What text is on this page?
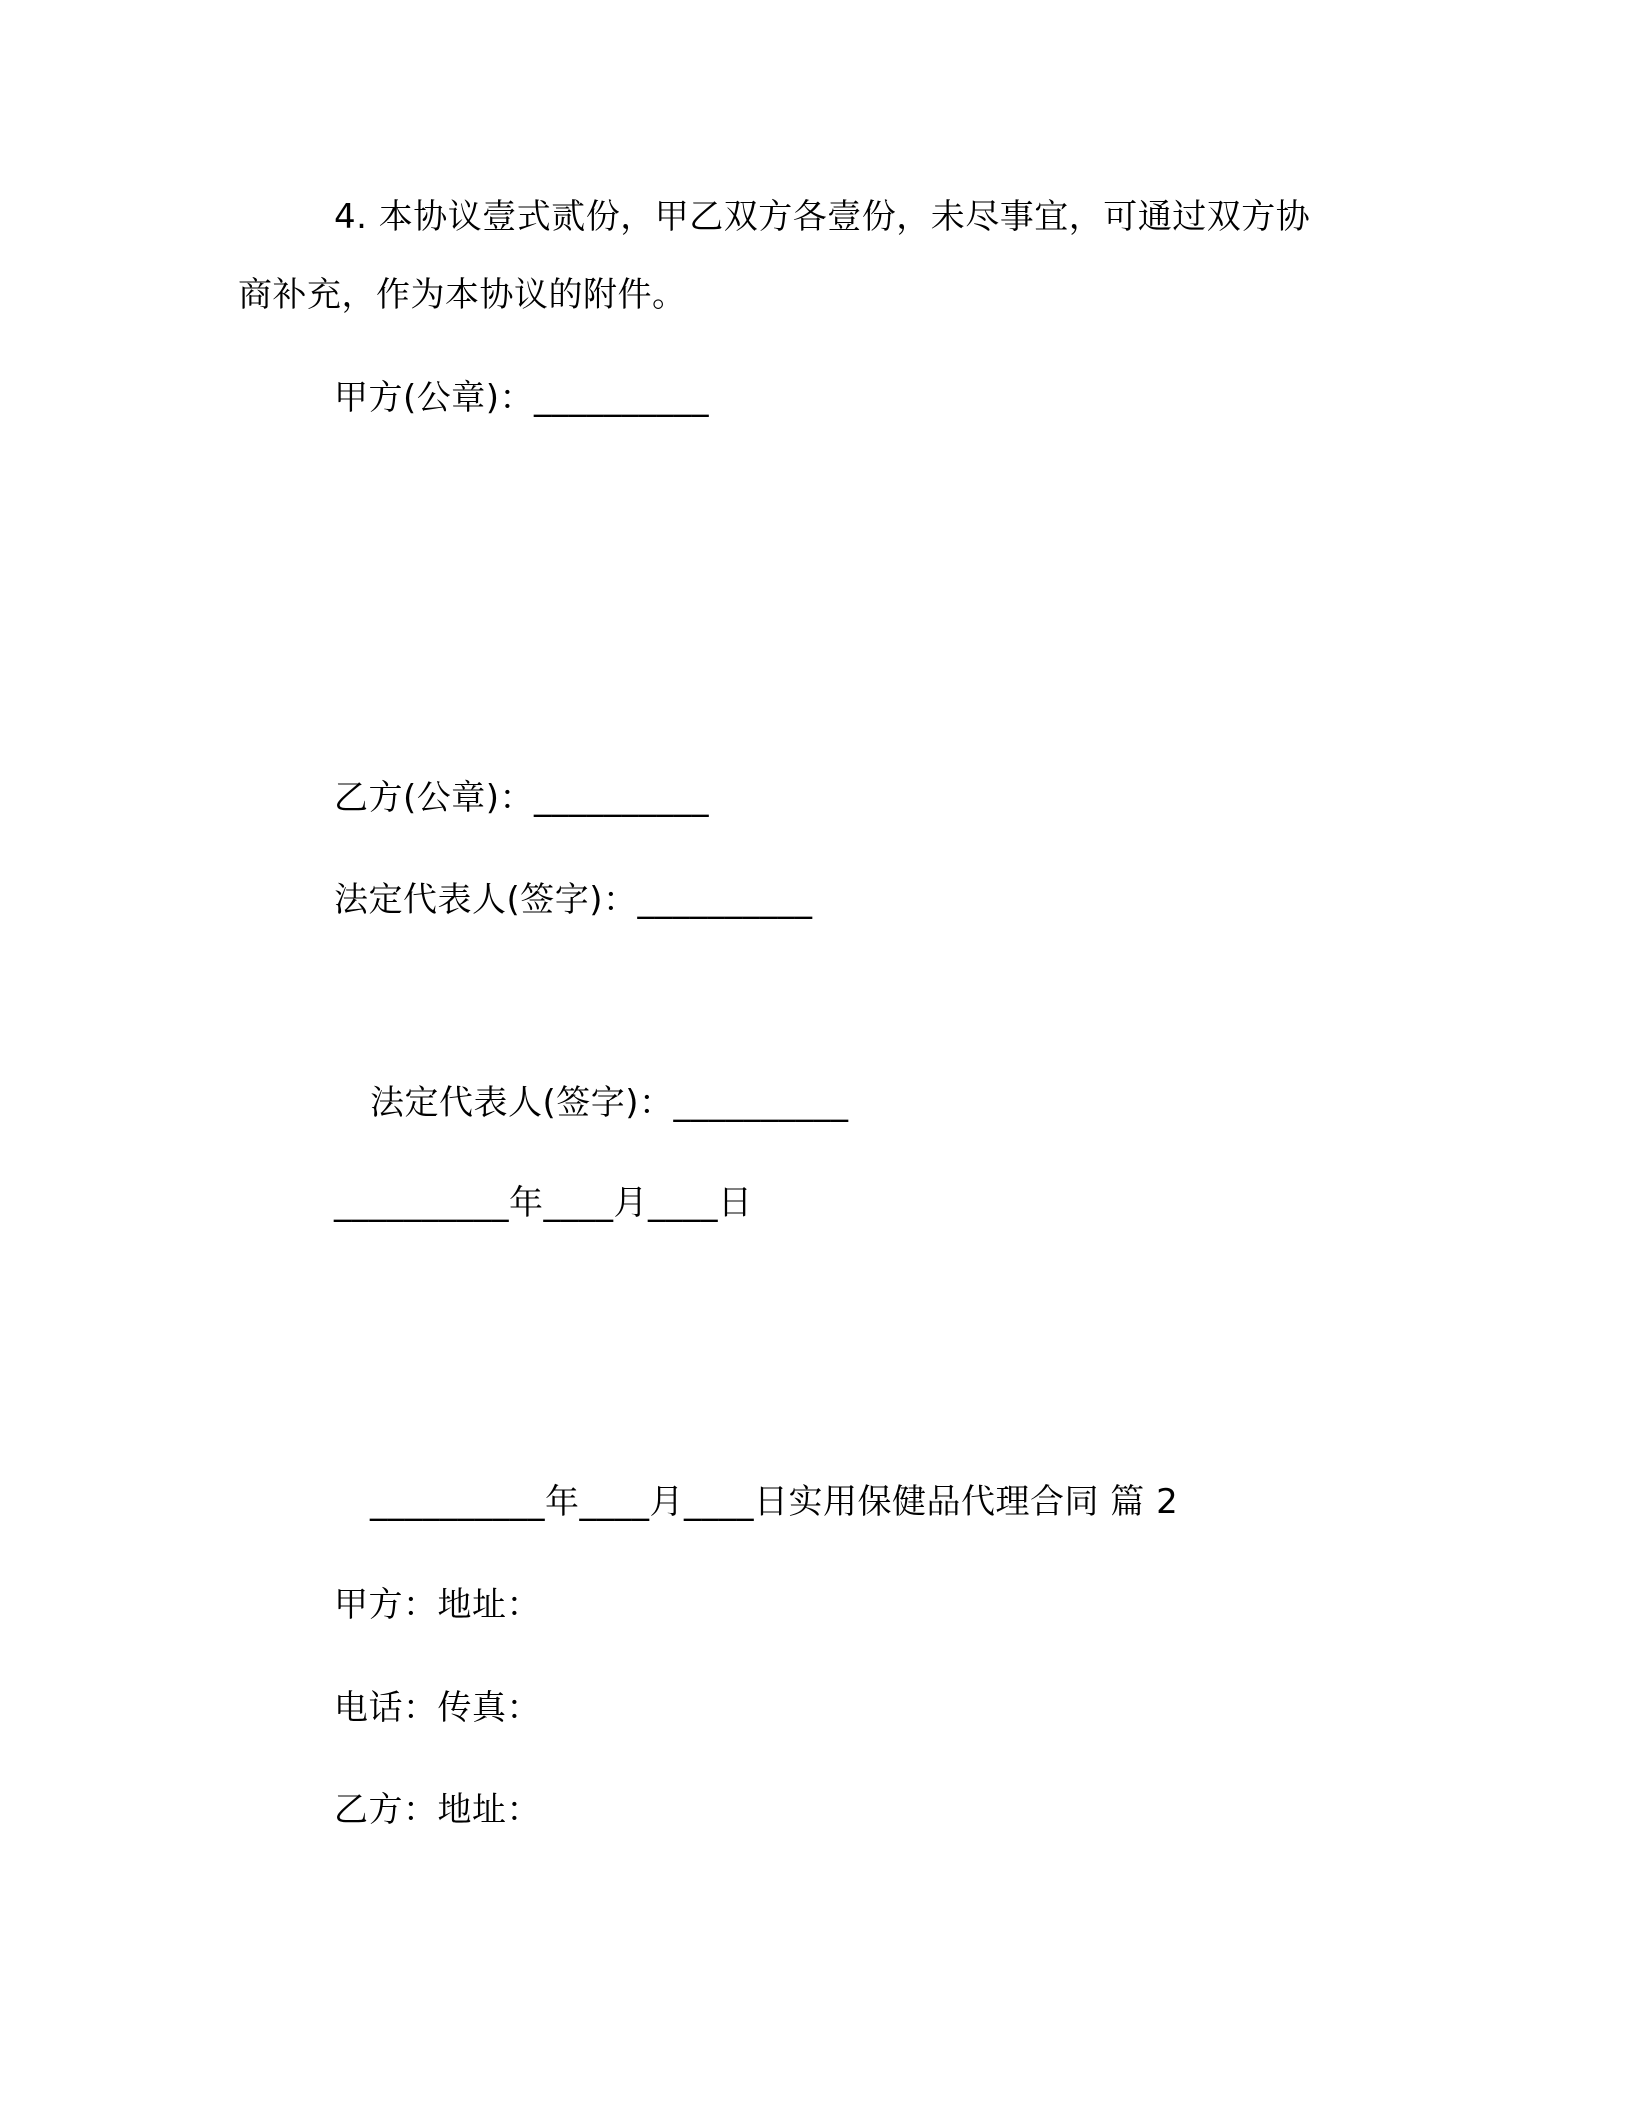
4. 本协议壹式贰份，甲乙双方各壹份，未尽事宜，可通过双方协
商补充，作为本协议的附件。
甲方(公章)：__________
乙方(公章)：__________
法定代表人(签字)：__________
法定代表人(签字)：__________
__________年____月____日
__________年____月____日实用保健品代理合同 篇 2
甲方：地址：
电话：传真：
乙方：地址：
